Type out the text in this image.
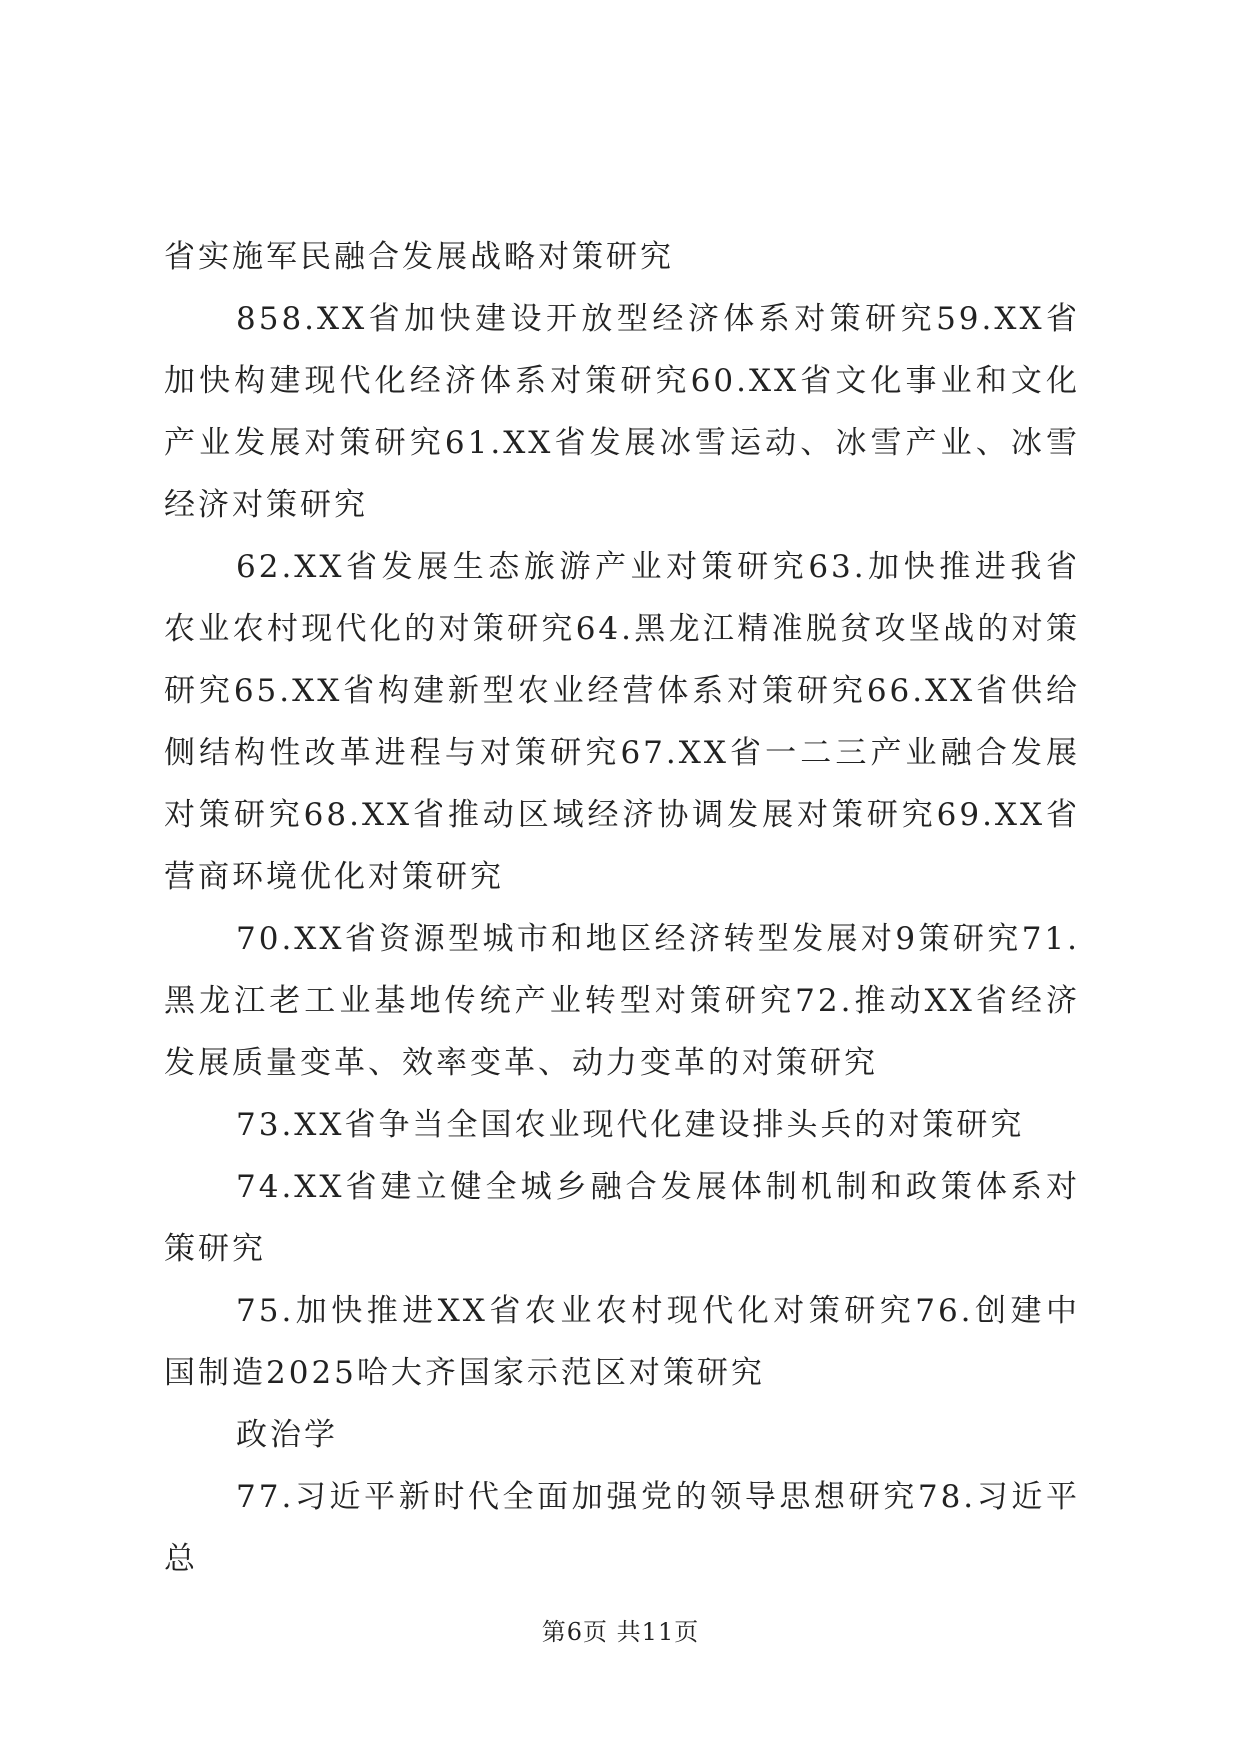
省实施军民融合发展战略对策研究

858.XX省加快建设开放型经济体系对策研究59.XX省加快构建现代化经济体系对策研究60.XX省文化事业和文化产业发展对策研究61.XX省发展冰雪运动、冰雪产业、冰雪经济对策研究

62.XX省发展生态旅游产业对策研究63.加快推进我省农业农村现代化的对策研究64.黑龙江精准脱贫攻坚战的对策研究65.XX省构建新型农业经营体系对策研究66.XX省供给侧结构性改革进程与对策研究67.XX省一二三产业融合发展对策研究68.XX省推动区域经济协调发展对策研究69.XX省营商环境优化对策研究

70.XX省资源型城市和地区经济转型发展对9策研究71.黑龙江老工业基地传统产业转型对策研究72.推动XX省经济发展质量变革、效率变革、动力变革的对策研究

73.XX省争当全国农业现代化建设排头兵的对策研究

74.XX省建立健全城乡融合发展体制机制和政策体系对策研究

75.加快推进XX省农业农村现代化对策研究76.创建中国制造2025哈大齐国家示范区对策研究

政治学

77.习近平新时代全面加强党的领导思想研究78.习近平总

第6页 共11页
